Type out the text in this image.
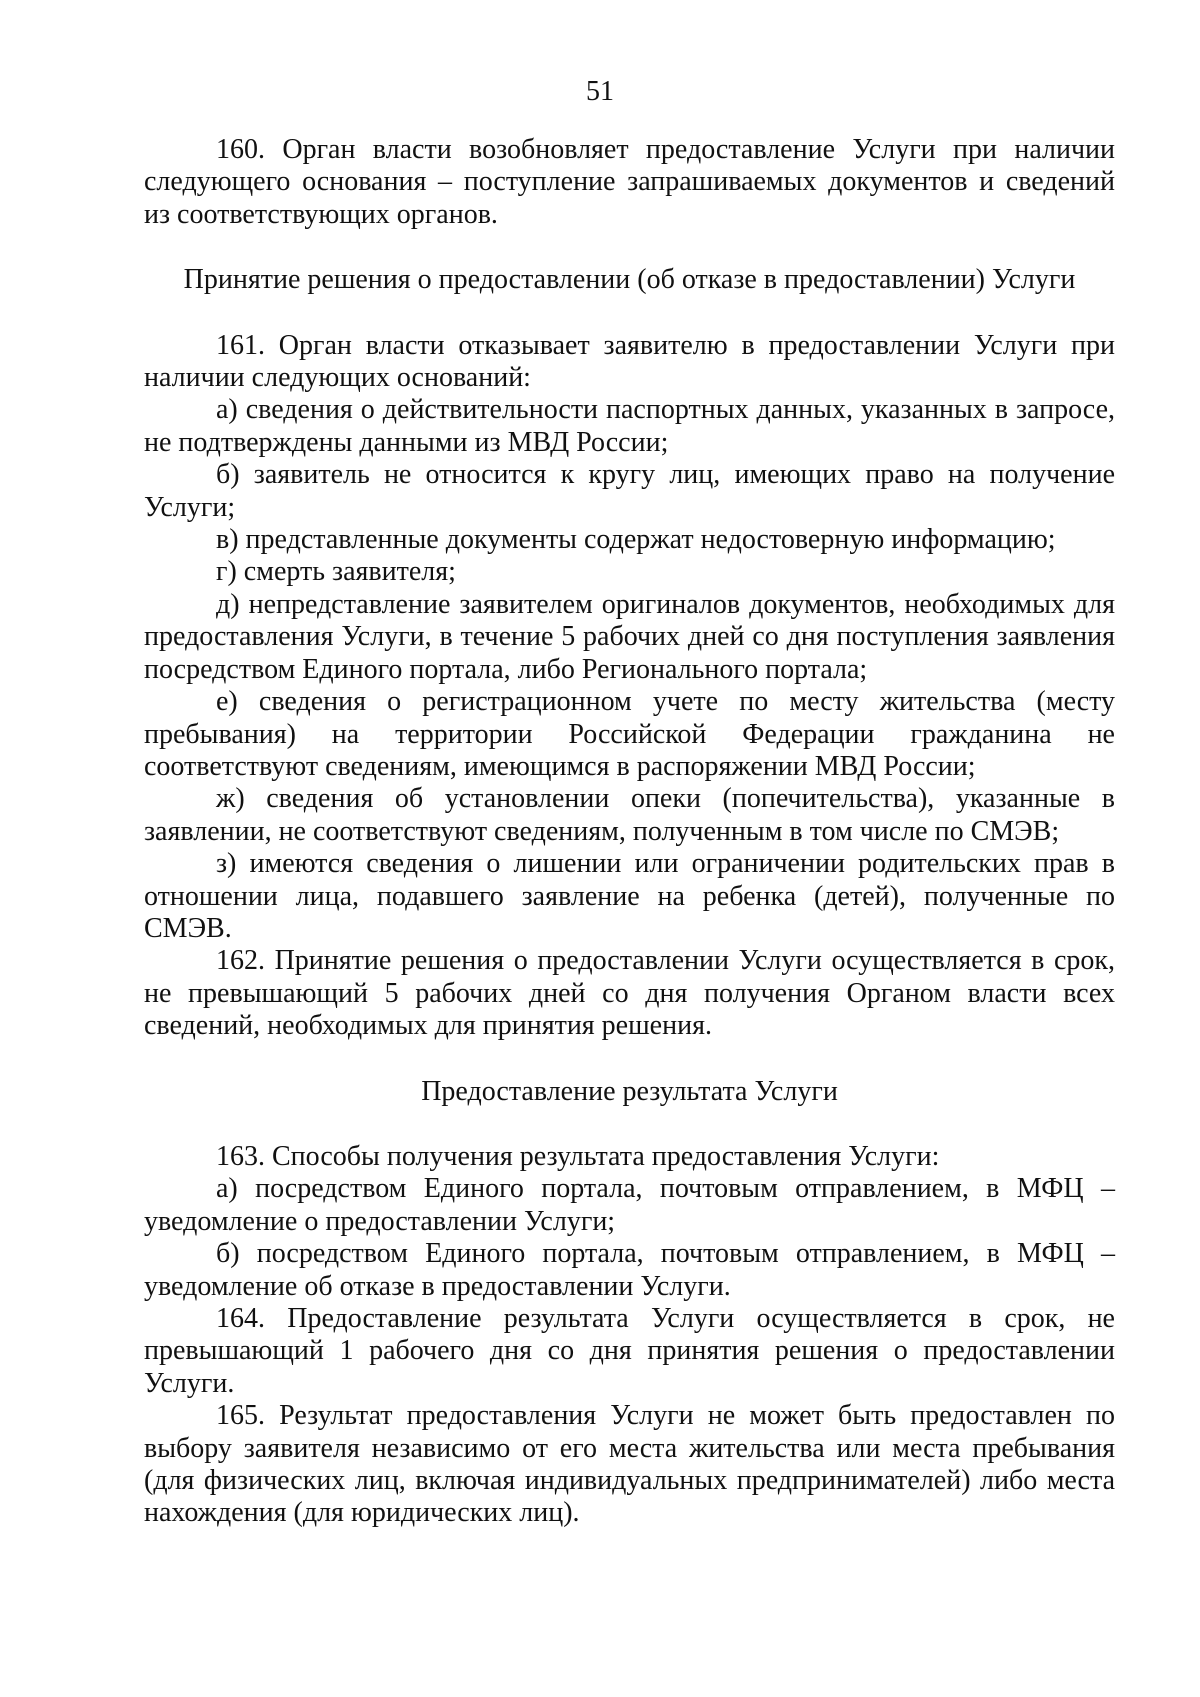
51

160. Орган власти возобновляет предоставление Услуги при наличии следующего основания – поступление запрашиваемых документов и сведений из соответствующих органов.

Принятие решения о предоставлении (об отказе в предоставлении) Услуги

161. Орган власти отказывает заявителю в предоставлении Услуги при наличии следующих оснований:

а) сведения о действительности паспортных данных, указанных в запросе, не подтверждены данными из МВД России;

б) заявитель не относится к кругу лиц, имеющих право на получение Услуги;

в) представленные документы содержат недостоверную информацию;

г) смерть заявителя;

д) непредставление заявителем оригиналов документов, необходимых для предоставления Услуги, в течение 5 рабочих дней со дня поступления заявления посредством Единого портала, либо Регионального портала;

е) сведения о регистрационном учете по месту жительства (месту пребывания) на территории Российской Федерации гражданина не соответствуют сведениям, имеющимся в распоряжении МВД России;

ж) сведения об установлении опеки (попечительства), указанные в заявлении, не соответствуют сведениям, полученным в том числе по СМЭВ;

з) имеются сведения о лишении или ограничении родительских прав в отношении лица, подавшего заявление на ребенка (детей), полученные по СМЭВ.

162. Принятие решения о предоставлении Услуги осуществляется в срок, не превышающий 5 рабочих дней со дня получения Органом власти всех сведений, необходимых для принятия решения.

Предоставление результата Услуги

163. Способы получения результата предоставления Услуги:

а) посредством Единого портала, почтовым отправлением, в МФЦ – уведомление о предоставлении Услуги;

б) посредством Единого портала, почтовым отправлением, в МФЦ – уведомление об отказе в предоставлении Услуги.

164. Предоставление результата Услуги осуществляется в срок, не превышающий 1 рабочего дня со дня принятия решения о предоставлении Услуги.

165. Результат предоставления Услуги не может быть предоставлен по выбору заявителя независимо от его места жительства или места пребывания (для физических лиц, включая индивидуальных предпринимателей) либо места нахождения (для юридических лиц).
